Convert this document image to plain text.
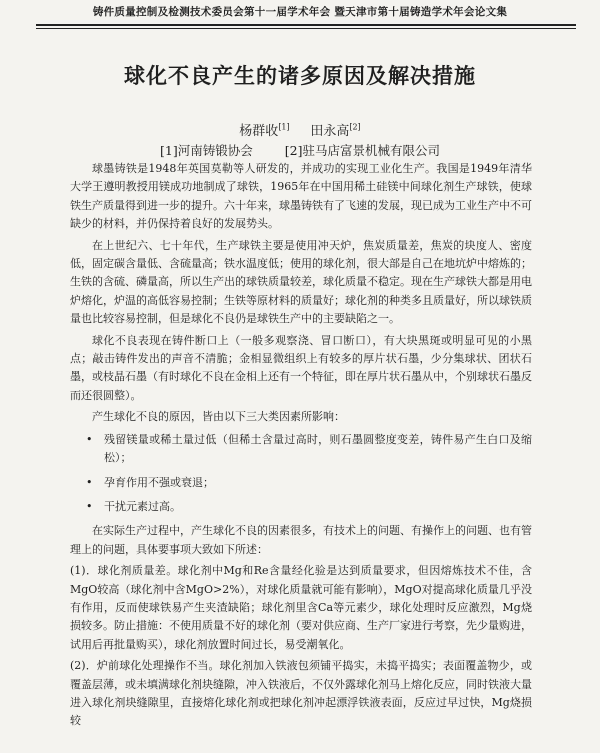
铸件质量控制及检测技术委员会第十一届学术年会 暨天津市第十届铸造学术年会论文集
球化不良产生的诸多原因及解决措施
杨群收[1] 田永高[2]
[1]河南铸锻协会	[2]驻马店富景机械有限公司

球墨铸铁是1948年英国莫勒等人研发的，并成功的实现工业化生产。我国是1949年清华大学王遵明教授用镁成功地制成了球铁，1965年在中国用稀土硅镁中间球化剂生产球铁，使球铁生产质量得到进一步的提升。六十年来，球墨铸铁有了飞速的发展，现已成为工业生产中不可缺少的材料，并仍保持着良好的发展势头。

在上世纪六、七十年代，生产球铁主要是使用冲天炉，焦炭质量差，焦炭的块度人、密度低，固定碳含量低、含硫量高；铁水温度低；使用的球化剂，很大部是自己在地坑炉中熔炼的；生铁的含硫、磷量高，所以生产出的球铁质量较差，球化质量不稳定。现在生产球铁大都是用电炉熔化，炉温的高低容易控制；生铁等原材料的质量好；球化剂的种类多且质量好，所以球铁质量也比较容易控制，但是球化不良仍是球铁生产中的主要缺陷之一。

球化不良表现在铸件断口上（一般多观察浇、冒口断口），有大块黑斑或明显可见的小黑点；敲击铸件发出的声音不清脆；金相显微组织上有较多的厚片状石墨，少分集球状、团状石墨，或枝晶石墨（有时球化不良在金相上还有一个特征，即在厚片状石墨从中，个别球状石墨反而还很圆整）。

产生球化不良的原因，皆由以下三大类因素所影响：

• 残留镁量或稀土量过低（但稀土含量过高时，则石墨圆整度变差，铸件易产生白口及缩松）；
• 孕育作用不强或衰退；
• 干扰元素过高。

在实际生产过程中，产生球化不良的因素很多，有技术上的问题、有操作上的问题、也有管理上的问题，具体要事项大致如下所述：

(1)．球化剂质量差。球化剂中Mg和Re含量经化验是达到质量要求，但因熔炼技术不佳，含MgO较高（球化剂中含MgO>2%），对球化质量就可能有影响），MgO对提高球化质量几乎没有作用，反而使球铁易产生夹渣缺陷；球化剂里含Ca等元素少，球化处理时反应激烈，Mg烧损较多。防止措施：不使用质量不好的球化剂（要对供应商、生产厂家进行考察，先少量购进，试用后再批量购买），球化剂放置时间过长，易受潮氧化。

(2)．炉前球化处理操作不当。球化剂加入铁液包须铺平捣实，未捣平捣实；表面覆盖物少，或覆盖层薄，或未填满球化剂块缝隙，冲入铁液后，不仅外露球化剂马上熔化反应，同时铁液大量进入球化剂块缝隙里，直接熔化球化剂或把球化剂冲起漂浮铁液表面，反应过早过快，Mg烧损较
